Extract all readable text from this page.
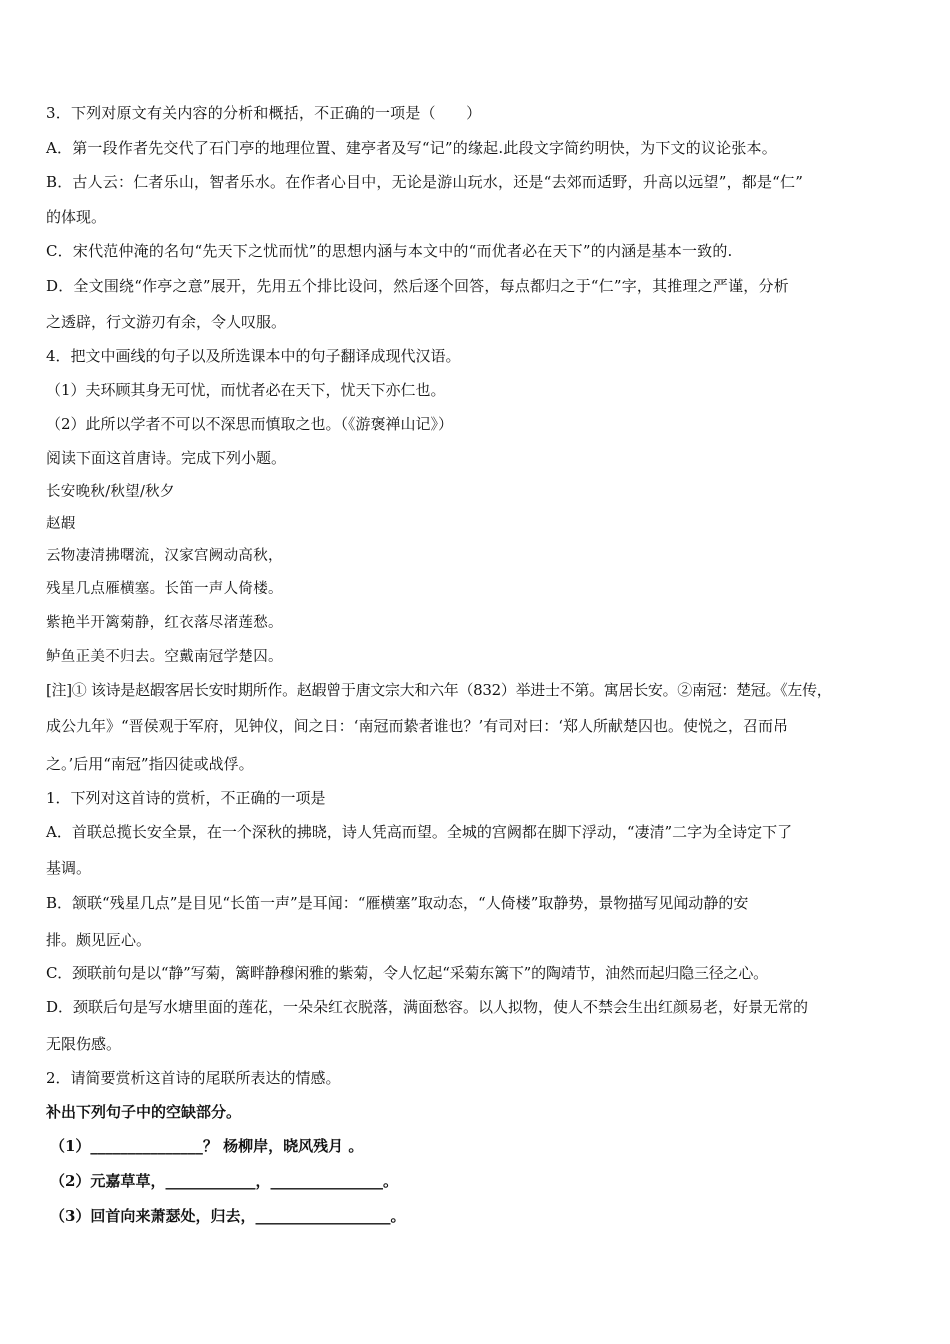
3．下列对原文有关内容的分析和概括，不正确的一项是（　　）
A．第一段作者先交代了石门亭的地理位置、建亭者及写“记”的缘起.此段文字简约明快，为下文的议论张本。
B．古人云：仁者乐山，智者乐水。在作者心目中，无论是游山玩水，还是“去郊而适野，升高以远望”，都是“仁”
的体现。
C．宋代范仲淹的名句“先天下之忧而忧”的思想内涵与本文中的“而优者必在天下”的内涵是基本一致的.
D．全文围绕“作亭之意”展开，先用五个排比设问，然后逐个回答，每点都归之于“仁”字，其推理之严谨，分析
之透辟，行文游刃有余，令人叹服。
4．把文中画线的句子以及所选课本中的句子翻译成现代汉语。
（1）夫环顾其身无可忧，而忧者必在天下，忧天下亦仁也。
（2）此所以学者不可以不深思而慎取之也。（《游褒禅山记》）
阅读下面这首唐诗。完成下列小题。
长安晚秋/秋望/秋夕
赵嘏
云物凄清拂曙流，汉家宫阙动高秋，
残星几点雁横塞。长笛一声人倚楼。
紫艳半开篱菊静，红衣落尽渚莲愁。
鲈鱼正美不归去。空戴南冠学楚囚。
[注]① 该诗是赵嘏客居长安时期所作。赵嘏曾于唐文宗大和六年（832）举进士不第。寓居长安。②南冠：楚冠。《左传，
成公九年》“晋侯观于军府，见钟仪，间之日：‘南冠而絷者谁也？’有司对曰：‘郑人所献楚囚也。使悦之，召而吊
之。’后用“南冠”指囚徒或战俘。
1．下列对这首诗的赏析，不正确的一项是
A．首联总揽长安全景，在一个深秋的拂晓，诗人凭高而望。全城的宫阙都在脚下浮动，“凄清”二字为全诗定下了
基调。
B．颔联“残星几点”是目见“长笛一声”是耳闻：“雁横塞”取动态，“人倚楼”取静势，景物描写见闻动静的安
排。颇见匠心。
C．颈联前句是以“静”写菊，篱畔静穆闲雅的紫菊，令人忆起“采菊东篱下”的陶靖节，油然而起归隐三径之心。
D．颈联后句是写水塘里面的莲花，一朵朵红衣脱落，满面愁容。以人拟物，使人不禁会生出红颜易老，好景无常的
无限伤感。
2．请简要赏析这首诗的尾联所表达的情感。
补出下列句子中的空缺部分。
（1）_______________？ 杨柳岸，晓风残月 。
（2）元嘉草草，____________，_______________。
（3）回首向来萧瑟处，归去，__________________。
